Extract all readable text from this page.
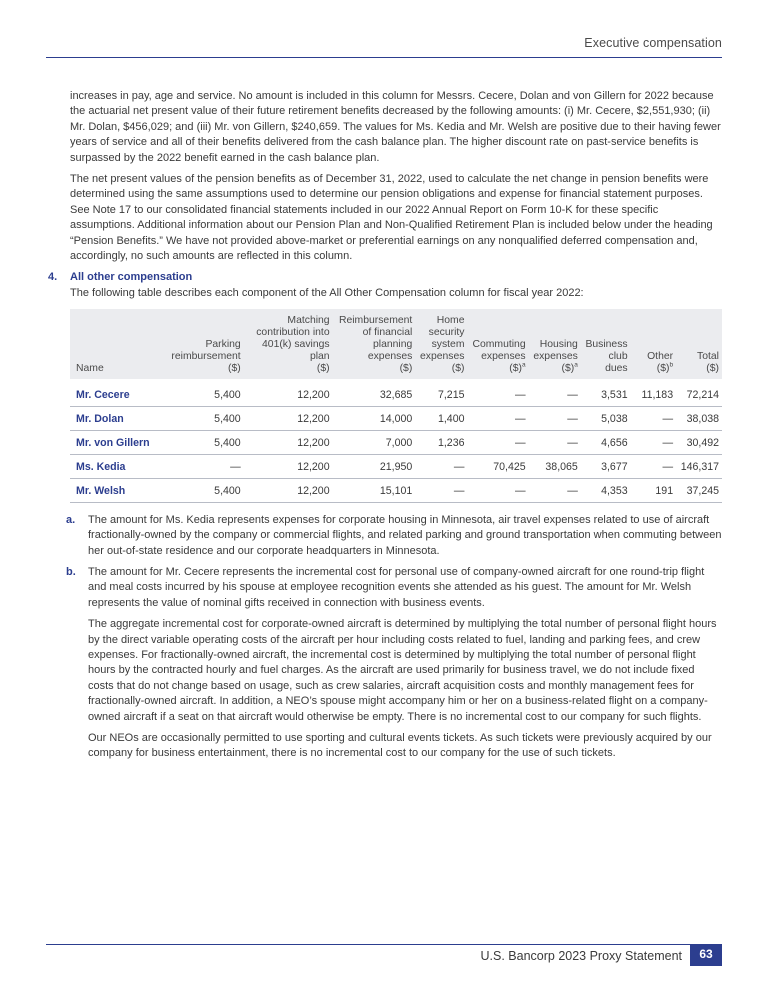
Executive compensation

increases in pay, age and service. No amount is included in this column for Messrs. Cecere, Dolan and von Gillern for 2022 because the actuarial net present value of their future retirement benefits decreased by the following amounts: (i) Mr. Cecere, $2,551,930; (ii) Mr. Dolan, $456,029; and (iii) Mr. von Gillern, $240,659. The values for Ms. Kedia and Mr. Welsh are positive due to their having fewer years of service and all of their benefits delivered from the cash balance plan. The higher discount rate on past-service benefits is surpassed by the 2022 benefit earned in the cash balance plan.

The net present values of the pension benefits as of December 31, 2022, used to calculate the net change in pension benefits were determined using the same assumptions used to determine our pension obligations and expense for financial statement purposes. See Note 17 to our consolidated financial statements included in our 2022 Annual Report on Form 10-K for these specific assumptions. Additional information about our Pension Plan and Non-Qualified Retirement Plan is included below under the heading “Pension Benefits.” We have not provided above-market or preferential earnings on any nonqualified deferred compensation and, accordingly, no such amounts are reflected in this column.

4. All other compensation
The following table describes each component of the All Other Compensation column for fiscal year 2022:
Name	Parking
reimbursement
($)	Matching
contribution into
401(k) savings
plan
($)	Reimbursement
of financial
planning
expenses
($)	Home
security
system
expenses
($)	Commuting
expenses
($)$^a$	Housing
expenses
($)$^a$	Business
club
dues	Other
($)$^b$	Total
($)
Mr. Cecere	5,400	12,200	32,685	7,215	—	—	3,531	11,183	72,214
Mr. Dolan	5,400	12,200	14,000	1,400	—	—	5,038	—	38,038
Mr. von Gillern	5,400	12,200	7,000	1,236	—	—	4,656	—	30,492
Ms. Kedia	—	12,200	21,950	—	70,425	38,065	3,677	—	146,317
Mr. Welsh	5,400	12,200	15,101	—	—	—	4,353	191	37,245
a. The amount for Ms. Kedia represents expenses for corporate housing in Minnesota, air travel expenses related to use of aircraft fractionally-owned by the company or commercial flights, and related parking and ground transportation when commuting between her out-of-state residence and our corporate headquarters in Minnesota.
b. The amount for Mr. Cecere represents the incremental cost for personal use of company-owned aircraft for one round-trip flight and meal costs incurred by his spouse at employee recognition events she attended as his guest. The amount for Mr. Welsh represents the value of nominal gifts received in connection with business events.

The aggregate incremental cost for corporate-owned aircraft is determined by multiplying the total number of personal flight hours by the direct variable operating costs of the aircraft per hour including costs related to fuel, landing and parking fees, and crew expenses. For fractionally-owned aircraft, the incremental cost is determined by multiplying the total number of personal flight hours by the contracted hourly and fuel charges. As the aircraft are used primarily for business travel, we do not include fixed costs that do not change based on usage, such as crew salaries, aircraft acquisition costs and monthly management fees for fractionally-owned aircraft. In addition, a NEO’s spouse might accompany him or her on a business-related flight on a company-owned aircraft if a seat on that aircraft would otherwise be empty. There is no incremental cost to our company for such flights.

Our NEOs are occasionally permitted to use sporting and cultural events tickets. As such tickets were previously acquired by our company for business entertainment, there is no incremental cost to our company for the use of such tickets.

U.S. Bancorp 2023 Proxy Statement	63
